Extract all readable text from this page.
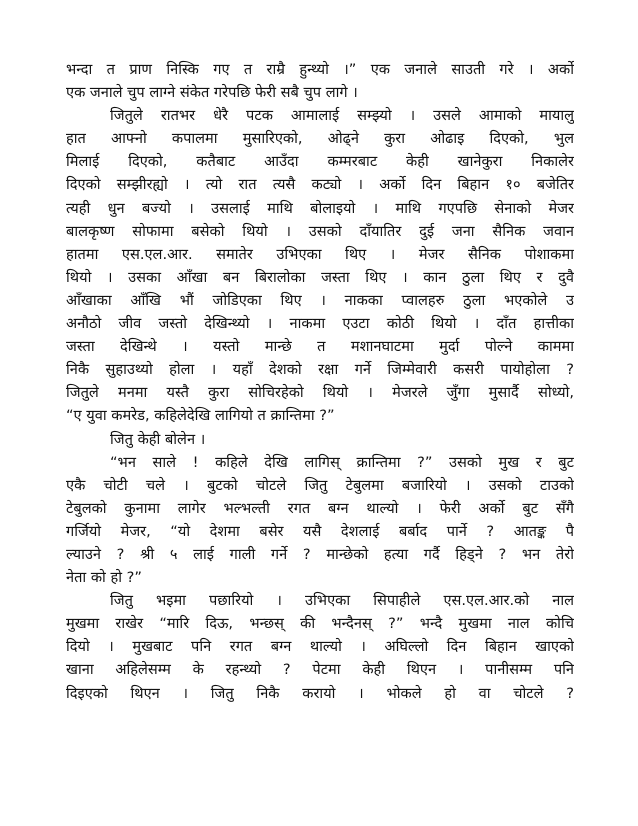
भन्दा त प्राण निस्कि गए त राम्रै हुन्थ्यो ।” एक जनाले साउती गरे । अर्को
एक जनाले चुप लाग्ने संकेत गरेपछि फेरी सबै चुप लागे ।
जितुले रातभर धेरै पटक आमालाई सम्झ्यो । उसले आमाको मायालु
हात आफ्नो कपालमा मुसारिएको, ओढ्ने कुरा ओढाइ दिएको, भुल
मिलाई दिएको, कतैबाट आउँदा कम्मरबाट केही खानेकुरा निकालेर
दिएको सम्झीरह्यो । त्यो रात त्यसै कट्यो । अर्को दिन बिहान १० बजेतिर
त्यही धुन बज्यो । उसलाई माथि बोलाइयो । माथि गएपछि सेनाको मेजर
बालकृष्ण सोफामा बसेको थियो । उसको दाँयातिर दुई जना सैनिक जवान
हातमा एस.एल.आर. समातेर उभिएका थिए । मेजर सैनिक पोशाकमा
थियो । उसका आँखा बन बिरालोका जस्ता थिए । कान ठुला थिए र दुवै
आँखाका आँखि भौं जोडिएका थिए । नाकका प्वालहरु ठुला भएकोले उ
अनौठो जीव जस्तो देखिन्थ्यो । नाकमा एउटा कोठी थियो । दाँत हात्तीका
जस्ता देखिन्थे । यस्तो मान्छे त मशानघाटमा मुर्दा पोल्ने काममा
निकै सुहाउथ्यो होला । यहाँ देशको रक्षा गर्ने जिम्मेवारी कसरी पायोहोला ?
जितुले मनमा यस्तै कुरा सोचिरहेको थियो । मेजरले जुँगा मुसार्दै सोध्यो,
“ए युवा कमरेड, कहिलेदेखि लागियो त क्रान्तिमा ?”
जितु केही बोलेन ।
“भन साले ! कहिले देखि लागिस् क्रान्तिमा ?” उसको मुख र बुट
एकै चोटी चले । बुटको चोटले जितु टेबुलमा बजारियो । उसको टाउको
टेबुलको कुनामा लागेर भल्भल्ती रगत बग्न थाल्यो । फेरी अर्को बुट सँगै
गर्जियो मेजर, “यो देशमा बसेर यसै देशलाई बर्बाद पार्ने ? आतङ्क पै
ल्याउने ? श्री ५ लाई गाली गर्ने ? मान्छेको हत्या गर्दै हिड्ने ? भन तेरो
नेता को हो ?”
जितु भइमा पछारियो । उभिएका सिपाहीले एस.एल.आर.को नाल
मुखमा राखेर “मारि दिऊ, भन्छस् की भन्दैनस् ?” भन्दै मुखमा नाल कोचि
दियो । मुखबाट पनि रगत बग्न थाल्यो । अघिल्लो दिन बिहान खाएको
खाना अहिलेसम्म के रहन्थ्यो ? पेटमा केही थिएन । पानीसम्म पनि
दिइएको थिएन । जितु निकै करायो । भोकले हो वा चोटले ?
